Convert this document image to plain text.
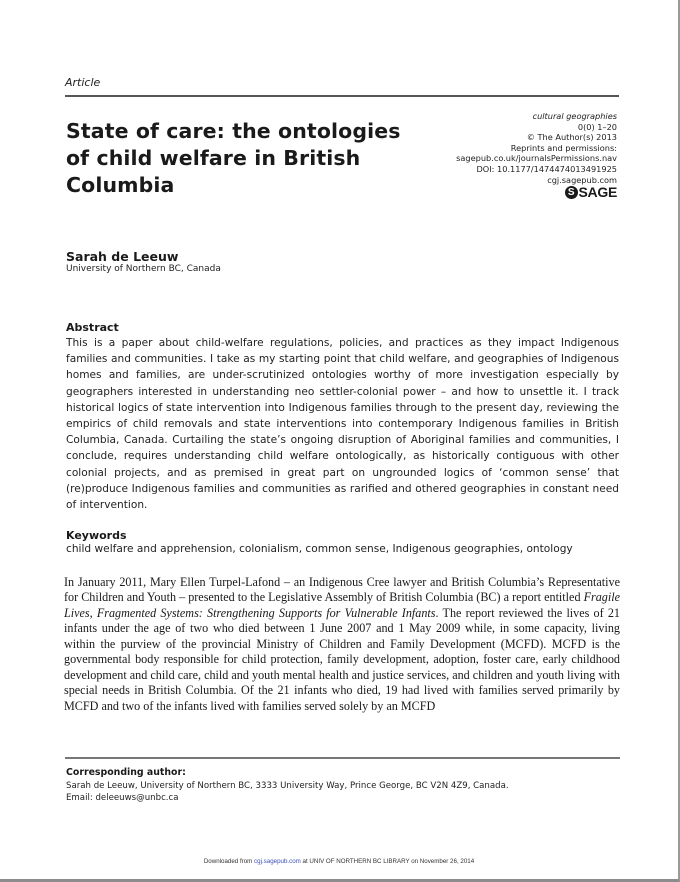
Article
State of care: the ontologies of child welfare in British Columbia
cultural geographies
0(0) 1–20
© The Author(s) 2013
Reprints and permissions:
sagepub.co.uk/journalsPermissions.nav
DOI: 10.1177/1474474013491925
cgj.sagepub.com
S SAGE
Sarah de Leeuw
University of Northern BC, Canada
Abstract
This is a paper about child-welfare regulations, policies, and practices as they impact Indigenous families and communities. I take as my starting point that child welfare, and geographies of Indigenous homes and families, are under-scrutinized ontologies worthy of more investigation especially by geographers interested in understanding neo settler-colonial power – and how to unsettle it. I track historical logics of state intervention into Indigenous families through to the present day, reviewing the empirics of child removals and state interventions into contemporary Indigenous families in British Columbia, Canada. Curtailing the state’s ongoing disruption of Aboriginal families and communities, I conclude, requires understanding child welfare ontologically, as historically contiguous with other colonial projects, and as premised in great part on ungrounded logics of ‘common sense’ that (re)produce Indigenous families and communities as rarified and othered geographies in constant need of intervention.
Keywords
child welfare and apprehension, colonialism, common sense, Indigenous geographies, ontology
In January 2011, Mary Ellen Turpel-Lafond – an Indigenous Cree lawyer and British Columbia’s Representative for Children and Youth – presented to the Legislative Assembly of British Columbia (BC) a report entitled Fragile Lives, Fragmented Systems: Strengthening Supports for Vulnerable Infants. The report reviewed the lives of 21 infants under the age of two who died between 1 June 2007 and 1 May 2009 while, in some capacity, living within the purview of the provincial Ministry of Children and Family Development (MCFD). MCFD is the governmental body responsible for child protection, family development, adoption, foster care, early childhood development and child care, child and youth mental health and justice services, and children and youth living with special needs in British Columbia. Of the 21 infants who died, 19 had lived with families served primarily by MCFD and two of the infants lived with families served solely by an MCFD
Corresponding author:
Sarah de Leeuw, University of Northern BC, 3333 University Way, Prince George, BC V2N 4Z9, Canada.
Email: deleeuws@unbc.ca
Downloaded from cgj.sagepub.com at UNIV OF NORTHERN BC LIBRARY on November 26, 2014
